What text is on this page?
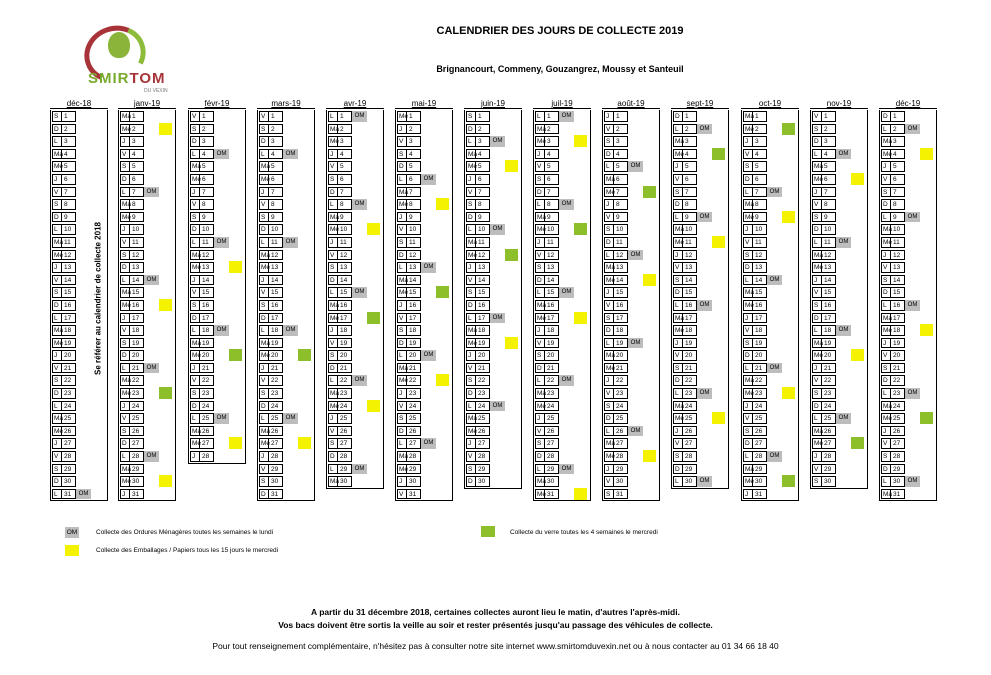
SMIRTOM
DU VEXIN
CALENDRIER DES JOURS DE COLLECTE 2019
Brignancourt, Commeny, Gouzangrez, Moussy et Santeuil
déc-18
S 1
D 2
L 3
Ma 4
Me 5
J	6
V 7
S 8
D 9
L 10
Ma 11
Me 12
J	13
V 14
S 15
D 16
L 17
Ma 18
Me 19
J	20
V 21
S 22
D 23
L 24
Ma 25
Me 26
J	27
V 28
S 29
D 30
L 31	OM
Se référer au calendrier de collecte 2018
janv-19
Ma 1
Me 2
J	3
V 4
S 5
D 6
L 7	OM
Ma 8
Me 9
J	10
V 11
S 12
D 13
L 14	OM
Ma 15
Me 16
J	17
V 18
S 19
D 20
L 21	OM
Ma 22
Me 23
J	24
V 25
S 26
D 27
L 28	OM
Ma 29
Me 30
J	31
févr-19
V 1
S 2
D 3
L 4	OM
Ma 5
Me 6
J	7
V 8
S 9
D 10
L 11	OM
Ma 12
Me 13
J	14
V 15
S 16
D 17
L 18	OM
Ma 19
Me 20
J	21
V 22
S 23
D 24
L 25	OM
Ma 26
Me 27
J	28
mars-19
V 1
S 2
D 3
L 4	OM
Ma 5
Me 6
J	7
V 8
S 9
D 10
L 11	OM
Ma 12
Me 13
J	14
V 15
S 16
D 17
L 18	OM
Ma 19
Me 20
J	21
V 22
S 23
D 24
L 25	OM
Ma 26
Me 27
J	28
V 29
S 30
D 31
avr-19
L 1	OM
Ma 2
Me 3
J	4
V 5
S 6
D 7
L 8	OM
Ma 9
Me 10
J	11
V 12
S 13
D 14
L 15	OM
Ma 16
Me 17
J	18
V 19
S 20
D 21
L 22	OM
Ma 23
Me 24
J	25
V 26
S 27
D 28
L 29	OM
Ma 30
mai-19
Me 1
J	2
V 3
S 4
D 5
L 6	OM
Ma 7
Me 8
J	9
V 10
S 11
D 12
L 13	OM
Ma 14
Me 15
J	16
V 17
S 18
D 19
L 20	OM
Ma 21
Me 22
J	23
V 24
S 25
D 26
L 27	OM
Ma 28
Me 29
J	30
V 31
juin-19
S 1
D 2
L 3	OM
Ma 4
Me 5
J	6
V 7
S 8
D 9
L 10	OM
Ma 11
Me 12
J	13
V 14
S 15
D 16
L 17	OM
Ma 18
Me 19
J	20
V 21
S 22
D 23
L 24	OM
Ma 25
Me 26
J	27
V 28
S 29
D 30
juil-19
L 1	OM
Ma 2
Me 3
J	4
V 5
S 6
D 7
L 8	OM
Ma 9
Me 10
J	11
V 12
S 13
D 14
L 15	OM
Ma 16
Me 17
J	18
V 19
S 20
D 21
L 22	OM
Ma 23
Me 24
J	25
V 26
S 27
D 28
L 29	OM
Ma 30
Me 31
août-19
J	1
V 2
S 3
D 4
L 5	OM
Ma 6
Me 7
J	8
V 9
S 10
D 11
L 12	OM
Ma 13
Me 14
J	15
V 16
S 17
D 18
L 19	OM
Ma 20
Me 21
J	22
V 23
S 24
D 25
L 26	OM
Ma 27
Me 28
J	29
V 30
S 31
sept-19
D 1
L 2	OM
Ma 3
Me 4
J	5
V 6
S 7
D 8
L 9	OM
Ma 10
Me 11
J	12
V 13
S 14
D 15
L 16	OM
Ma 17
Me 18
J	19
V 20
S 21
D 22
L 23	OM
Ma 24
Me 25
J	26
V 27
S 28
D 29
L 30	OM
oct-19
Ma 1
Me 2
J	3
V 4
S 5
D 6
L 7	OM
Ma 8
Me 9
J	10
V 11
S 12
D 13
L 14	OM
Ma 15
Me 16
J	17
V 18
S 19
D 20
L 21	OM
Ma 22
Me 23
J	24
V 25
S 26
D 27
L 28	OM
Ma 29
Me 30
J	31
nov-19
V 1
S 2
D 3
L 4	OM
Ma 5
Me 6
J	7
V 8
S 9
D 10
L 11	OM
Ma 12
Me 13
J	14
V 15
S 16
D 17
L 18	OM
Ma 19
Me 20
J	21
V 22
S 23
D 24
L 25	OM
Ma 26
Me 27
J	28
V 29
S 30
déc-19
D 1
L 2	OM
Ma 3
Me 4
J	5
V 6
S 7
D 8
L 9	OM
Ma 10
Me 11
J	12
V 13
S 14
D 15
L 16	OM
Ma 17
Me 18
J	19
V 20
S 21
D 22
L 23	OM
Ma 24
Me 25
J	26
V 27
S 28
D 29
L 30	OM
Ma 31
OM	Collecte des Ordures Ménagères toutes les semaines le lundi
Collecte des Emballages / Papiers tous les 15 jours le mercredi
Collecte du verre toutes les 4 semaines le mercredi
A partir du 31 décembre 2018, certaines collectes auront lieu le matin, d'autres l'après-midi.
Vos bacs doivent être sortis la veille au soir et rester présentés jusqu'au passage des véhicules de collecte.
Pour tout renseignement complémentaire, n'hésitez pas à consulter notre site internet www.smirtomduvexin.net ou à nous contacter au 01 34 66 18 40
